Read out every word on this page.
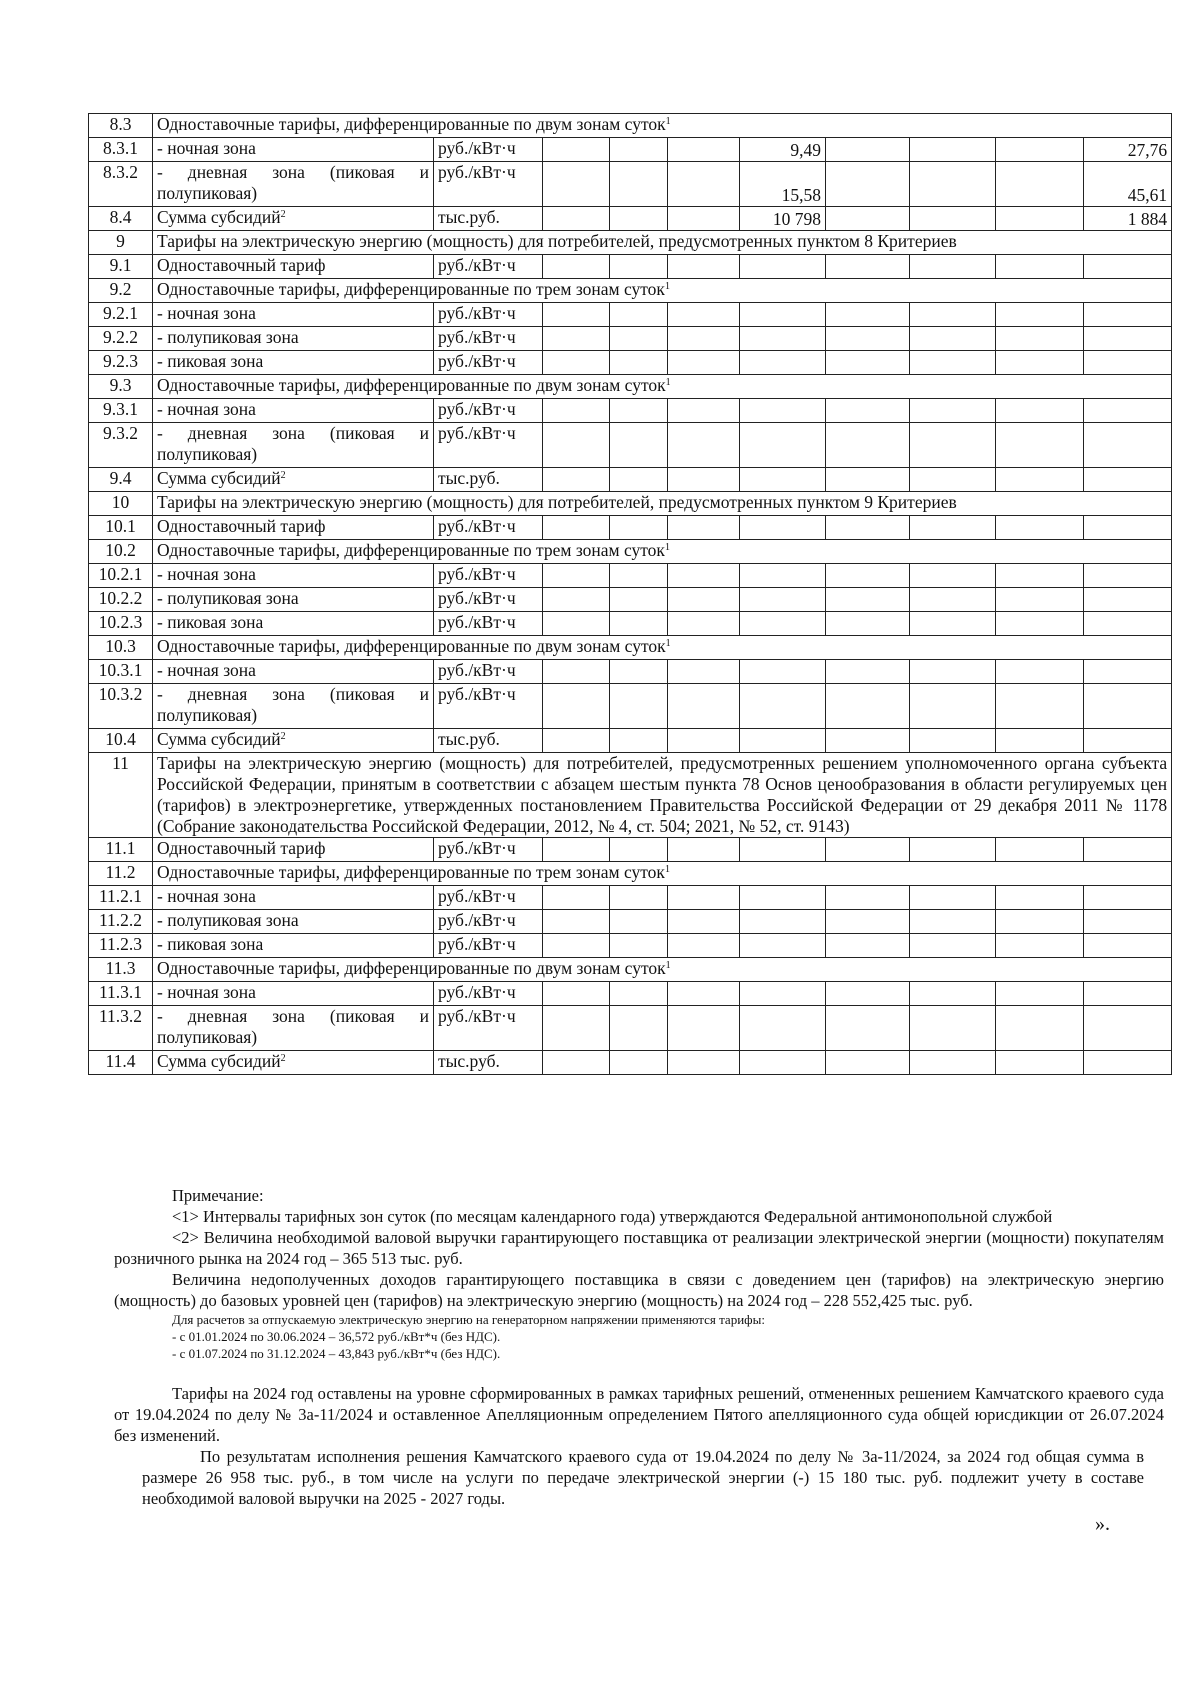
8.3	Одноставочные тарифы, дифференцированные по двум зонам суток$^1$
8.3.1	- ночная зона	руб./кВт·ч				9,49				27,76
8.3.2	- дневная зона (пиковая и полупиковая)	руб./кВт·ч				15,58				45,61
8.4	Сумма субсидий$^2$	тыс.руб.				10 798				1 884
9	Тарифы на электрическую энергию (мощность) для потребителей, предусмотренных пунктом 8 Критериев									
9.1	Одноставочный тариф	руб./кВт·ч								
9.2	Одноставочные тарифы, дифференцированные по трем зонам суток$^1$
9.2.1	- ночная зона	руб./кВт·ч								
9.2.2	- полупиковая зона	руб./кВт·ч								
9.2.3	- пиковая зона	руб./кВт·ч								
9.3	Одноставочные тарифы, дифференцированные по двум зонам суток$^1$
9.3.1	- ночная зона	руб./кВт·ч								
9.3.2	- дневная зона (пиковая и полупиковая)	руб./кВт·ч								
9.4	Сумма субсидий$^2$	тыс.руб.								
10	Тарифы на электрическую энергию (мощность) для потребителей, предусмотренных пунктом 9 Критериев									
10.1	Одноставочный тариф	руб./кВт·ч								
10.2	Одноставочные тарифы, дифференцированные по трем зонам суток$^1$
10.2.1	- ночная зона	руб./кВт·ч								
10.2.2	- полупиковая зона	руб./кВт·ч								
10.2.3	- пиковая зона	руб./кВт·ч								
10.3	Одноставочные тарифы, дифференцированные по двум зонам суток$^1$
10.3.1	- ночная зона	руб./кВт·ч								
10.3.2	- дневная зона (пиковая и полупиковая)	руб./кВт·ч								
10.4	Сумма субсидий$^2$	тыс.руб.								
11	Тарифы на электрическую энергию (мощность) для потребителей, предусмотренных решением уполномоченного органа субъекта Российской Федерации, принятым в соответствии с абзацем шестым пункта 78 Основ ценообразования в области регулируемых цен (тарифов) в электроэнергетике, утвержденных постановлением Правительства Российской Федерации от 29 декабря 2011 № 1178 (Собрание законодательства Российской Федерации, 2012, № 4, ст. 504; 2021, № 52, ст. 9143)									
11.1	Одноставочный тариф	руб./кВт·ч								
11.2	Одноставочные тарифы, дифференцированные по трем зонам суток$^1$
11.2.1	- ночная зона	руб./кВт·ч								
11.2.2	- полупиковая зона	руб./кВт·ч								
11.2.3	- пиковая зона	руб./кВт·ч								
11.3	Одноставочные тарифы, дифференцированные по двум зонам суток$^1$
11.3.1	- ночная зона	руб./кВт·ч								
11.3.2	- дневная зона (пиковая и полупиковая)	руб./кВт·ч								
11.4	Сумма субсидий$^2$	тыс.руб.								

Примечание:

<1> Интервалы тарифных зон суток (по месяцам календарного года) утверждаются Федеральной антимонопольной службой

<2> Величина необходимой валовой выручки гарантирующего поставщика от реализации электрической энергии (мощности) покупателям розничного рынка на 2024 год – 365 513 тыс. руб.

Величина недополученных доходов гарантирующего поставщика в связи с доведением цен (тарифов) на электрическую энергию (мощность) до базовых уровней цен (тарифов) на электрическую энергию (мощность) на 2024 год – 228 552,425 тыс. руб.

Для расчетов за отпускаемую электрическую энергию на генераторном напряжении применяются тарифы:

- с 01.01.2024 по 30.06.2024 – 36,572 руб./кВт*ч (без НДС).

- с 01.07.2024 по 31.12.2024 – 43,843 руб./кВт*ч (без НДС).

Тарифы на 2024 год оставлены на уровне сформированных в рамках тарифных решений, отмененных решением Камчатского краевого суда от 19.04.2024 по делу № 3а-11/2024 и оставленное Апелляционным определением Пятого апелляционного суда общей юрисдикции от 26.07.2024 без изменений.

По результатам исполнения решения Камчатского краевого суда от 19.04.2024 по делу № 3а-11/2024, за 2024 год общая сумма в размере 26 958 тыс. руб., в том числе на услуги по передаче электрической энергии (-) 15 180 тыс. руб. подлежит учету в составе необходимой валовой выручки на 2025 - 2027 годы.

».
